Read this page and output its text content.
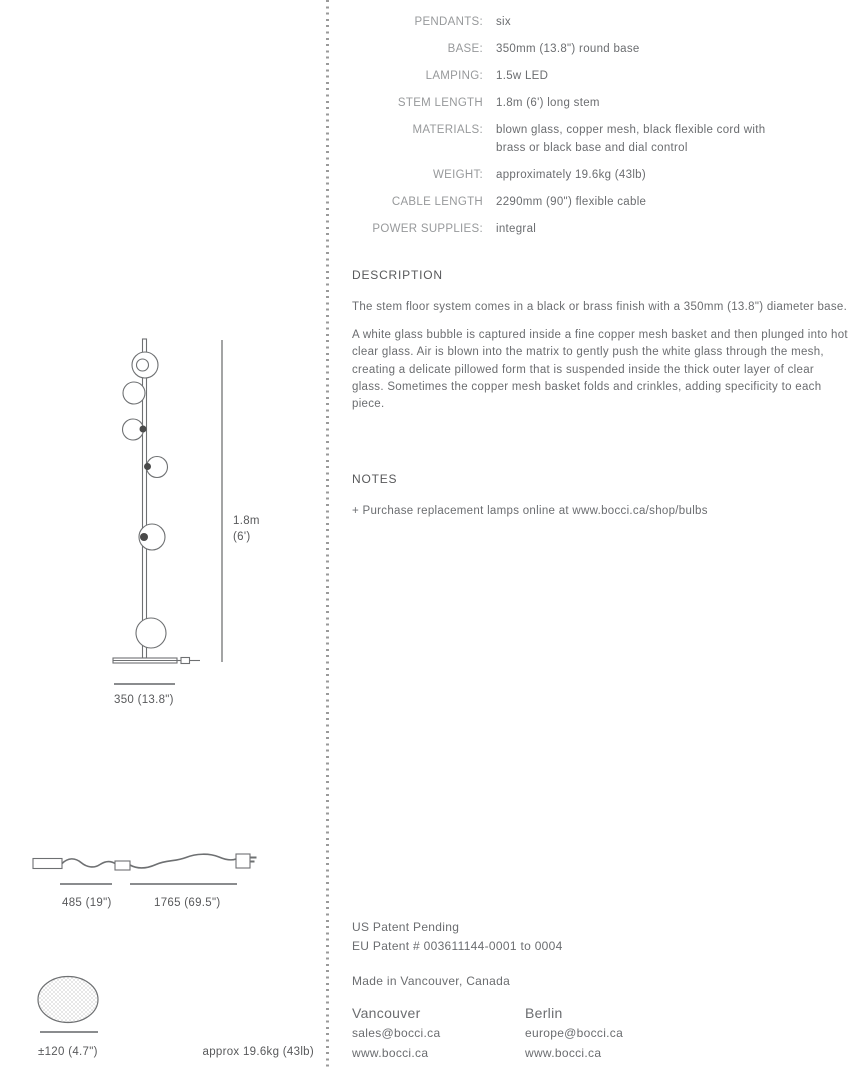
PENDANTS: six
BASE: 350mm (13.8") round base
LAMPING: 1.5w LED
STEM LENGTH 1.8m (6') long stem
MATERIALS: blown glass, copper mesh, black flexible cord with brass or black base and dial control
WEIGHT: approximately 19.6kg (43lb)
CABLE LENGTH 2290mm (90") flexible cable
POWER SUPPLIES: integral
DESCRIPTION

The stem floor system comes in a black or brass finish with a 350mm (13.8") diameter base.

A white glass bubble is captured inside a fine copper mesh basket and then plunged into hot clear glass. Air is blown into the matrix to gently push the white glass through the mesh, creating a delicate pillowed form that is suspended inside the thick outer layer of clear glass. Sometimes the copper mesh basket folds and crinkles, adding specificity to each piece.

NOTES
+ Purchase replacement lamps online at www.bocci.ca/shop/bulbs
US Patent Pending
EU Patent # 003611144-0001 to 0004
Made in Vancouver, Canada
Vancouver
sales@bocci.ca
www.bocci.ca
Berlin
europe@bocci.ca
www.bocci.ca
1.8m
(6')
350 (13.8")
485 (19")	1765 (69.5")
±120 (4.7")	approx 19.6kg (43lb)
